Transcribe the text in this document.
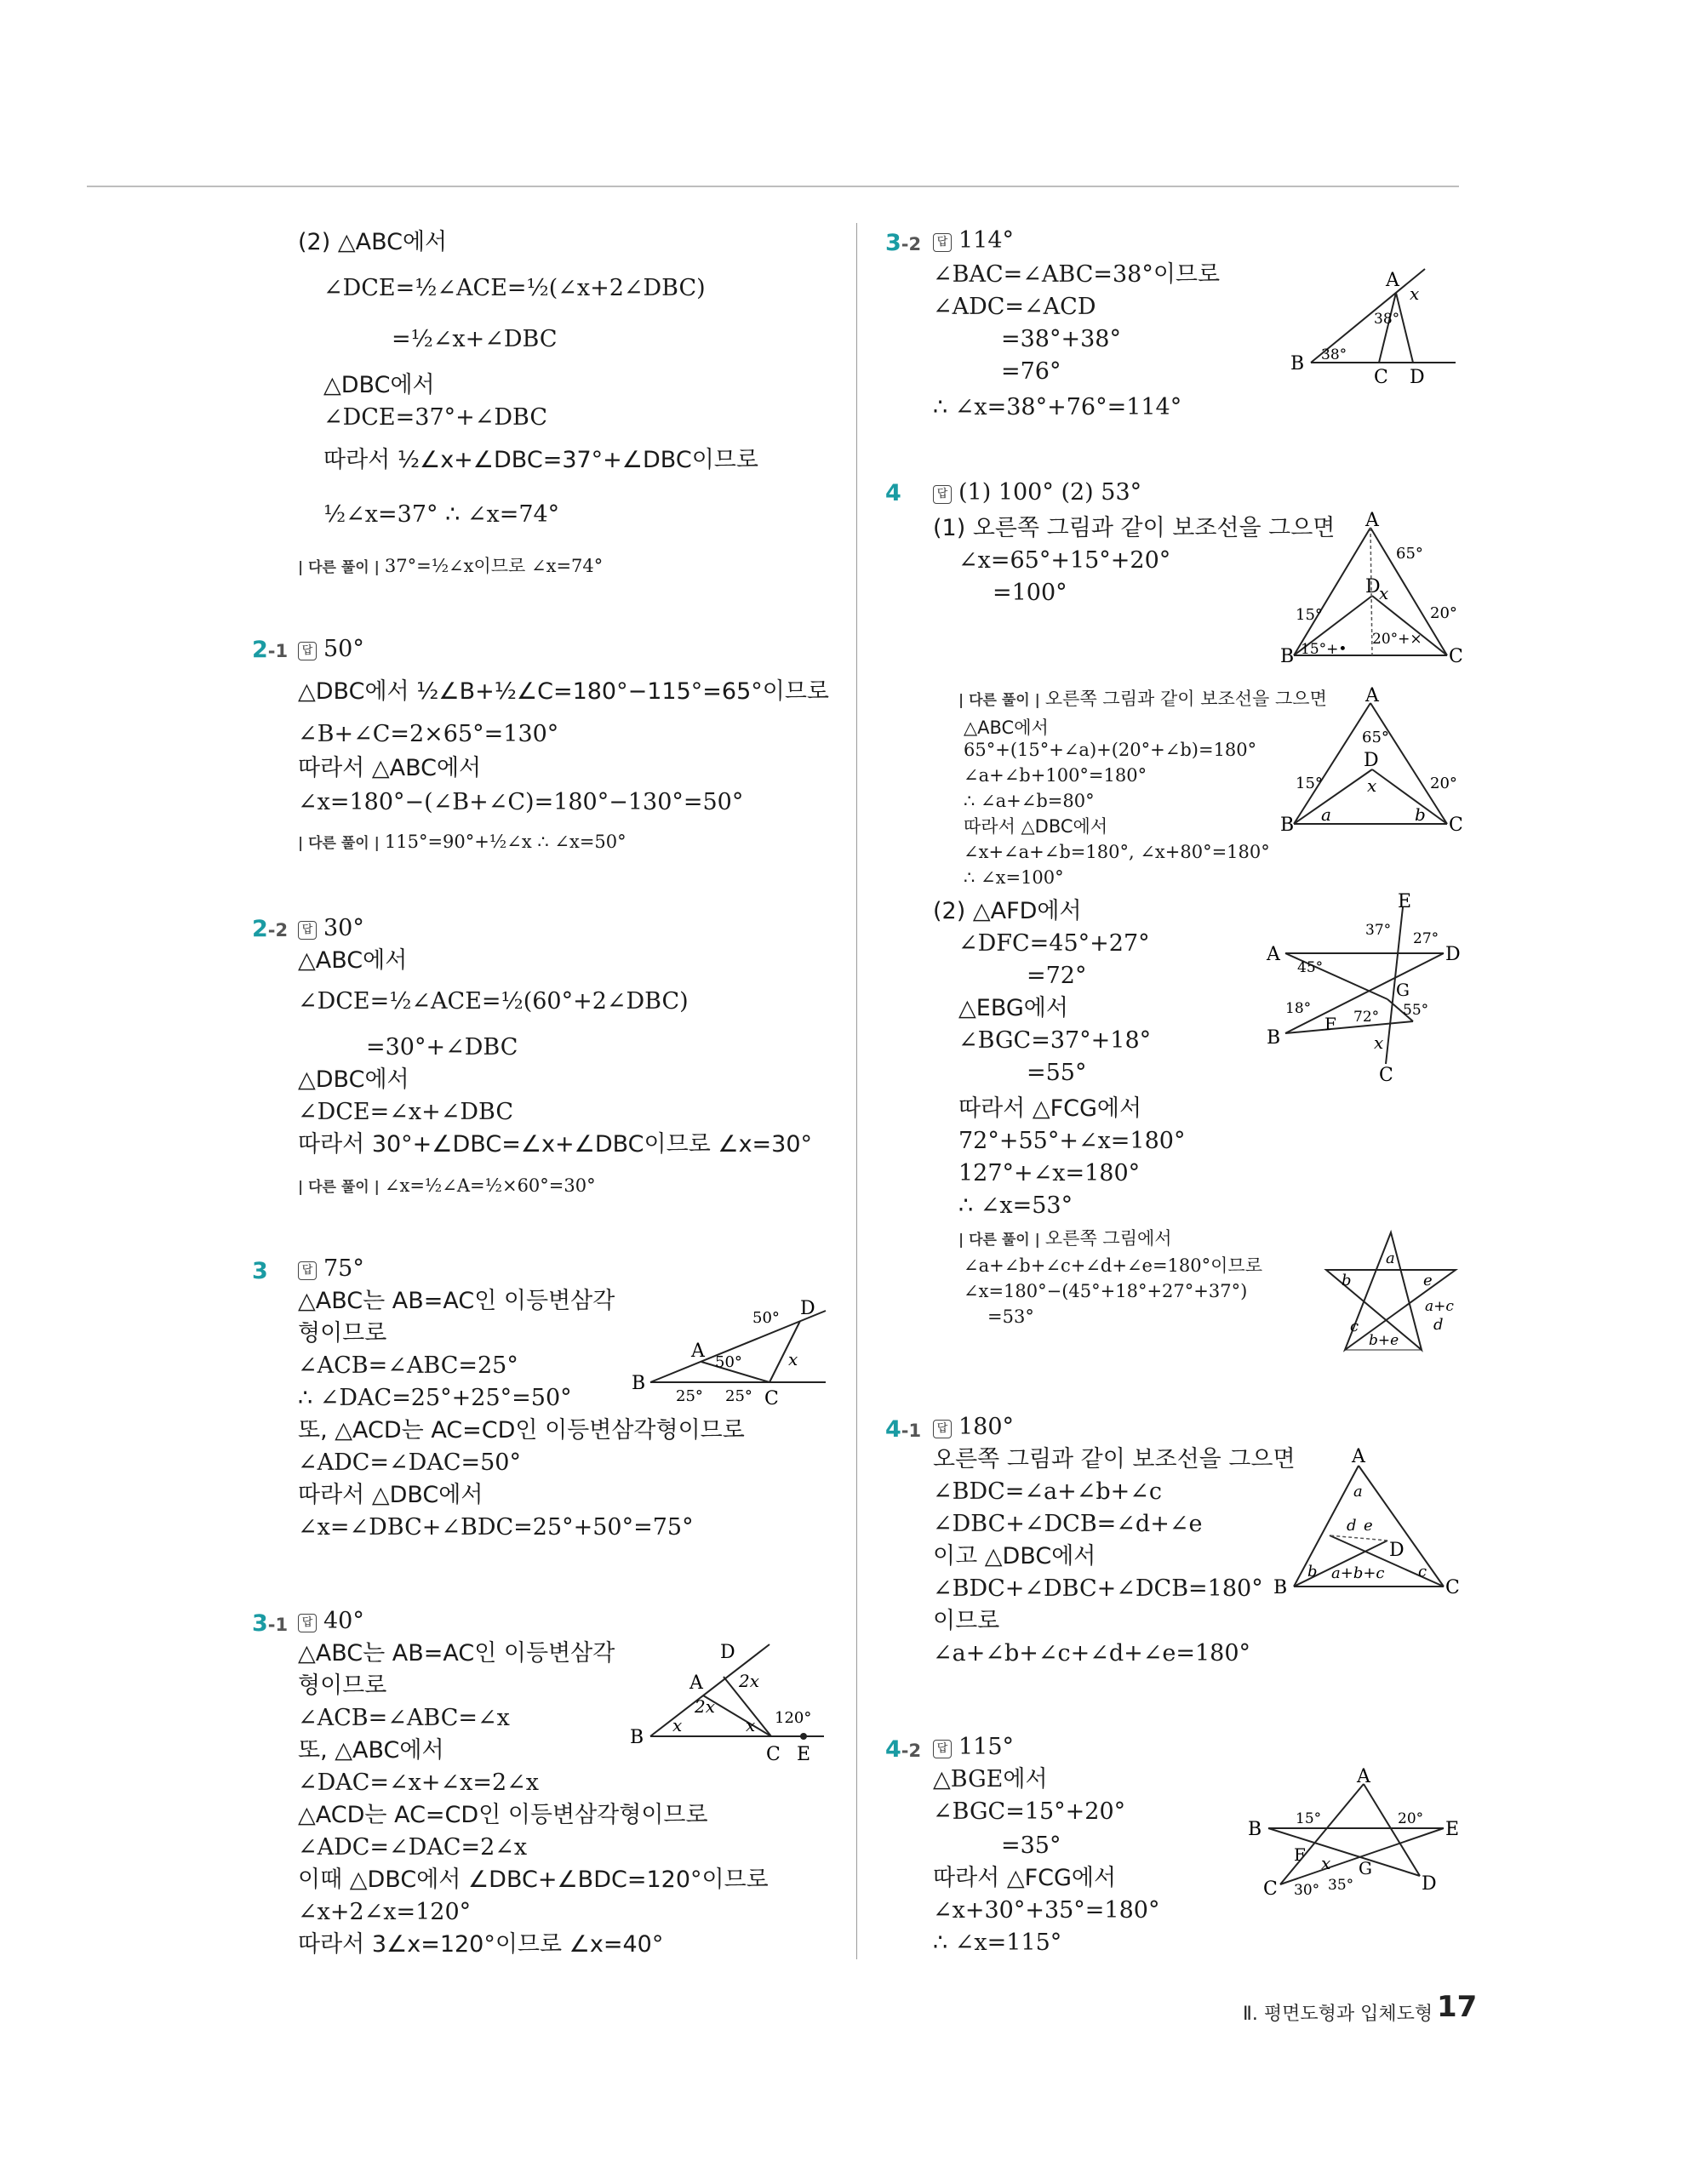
(2) △ABC에서
∠DCE=½∠ACE=½(∠x+2∠DBC)
=½∠x+∠DBC
△DBC에서
∠DCE=37°+∠DBC
따라서 ½∠x+∠DBC=37°+∠DBC이므로
½∠x=37° ∴ ∠x=74°
| 다른 풀이 | 37°=½∠x이므로 ∠x=74°
2-1	답 50°
△DBC에서 ½∠B+½∠C=180°−115°=65°이므로
∠B+∠C=2×65°=130°
따라서 △ABC에서
∠x=180°−(∠B+∠C)=180°−130°=50°
| 다른 풀이 | 115°=90°+½∠x ∴ ∠x=50°
2-2	답 30°
△ABC에서
∠DCE=½∠ACE=½(60°+2∠DBC)
=30°+∠DBC
△DBC에서
∠DCE=∠x+∠DBC
따라서 30°+∠DBC=∠x+∠DBC이므로 ∠x=30°
| 다른 풀이 | ∠x=½∠A=½×60°=30°
3	답 75°
△ABC는 AB=AC인 이등변삼각
형이므로
∠ACB=∠ABC=25°
∴ ∠DAC=25°+25°=50°
또, △ACD는 AC=CD인 이등변삼각형이므로
∠ADC=∠DAC=50°
따라서 △DBC에서
∠x=∠DBC+∠BDC=25°+50°=75°
B
A
C
D
x
50°
50°
25° 25°
3-1	답 40°
△ABC는 AB=AC인 이등변삼각
형이므로
∠ACB=∠ABC=∠x
또, △ABC에서
∠DAC=∠x+∠x=2∠x
△ACD는 AC=CD인 이등변삼각형이므로
∠ADC=∠DAC=2∠x
이때 △DBC에서 ∠DBC+∠BDC=120°이므로
∠x+2∠x=120°
따라서 3∠x=120°이므로 ∠x=40°
B
A
C E
D
x	x
2x
2x
120°
3-2	답 114°
∠BAC=∠ABC=38°이므로
∠ADC=∠ACD
=38°+38°
=76°
∴ ∠x=38°+76°=114°
B
A
C D
x
38°
38°
4	답 (1) 100° (2) 53°
(1) 오른쪽 그림과 같이 보조선을 그으면
∠x=65°+15°+20°
=100°
A
B	C
D
x
65°
15°	20°
15°+•
20°+×
| 다른 풀이 | 오른쪽 그림과 같이 보조선을 그으면
△ABC에서
65°+(15°+∠a)+(20°+∠b)=180°
∠a+∠b+100°=180°
∴ ∠a+∠b=80°
따라서 △DBC에서
∠x+∠a+∠b=180°, ∠x+80°=180°
∴ ∠x=100°
A
B	C
D
x
a	b
65°
15°	20°
(2) △AFD에서
∠DFC=45°+27°
=72°
△EBG에서
∠BGC=37°+18°
=55°
따라서 △FCG에서
72°+55°+∠x=180°
127°+∠x=180°
∴ ∠x=53°
A
B
C
D
E
F
G
x
45°
37° 27°
18°	72° 55°
| 다른 풀이 | 오른쪽 그림에서
∠a+∠b+∠c+∠d+∠e=180°이므로
∠x=180°−(45°+18°+27°+37°)
=53°
a
b
c	d
e
a+c
b+e
4-1	답 180°
오른쪽 그림과 같이 보조선을 그으면
∠BDC=∠a+∠b+∠c
∠DBC+∠DCB=∠d+∠e
이고 △DBC에서
∠BDC+∠DBC+∠DCB=180°
이므로
∠a+∠b+∠c+∠d+∠e=180°
A
B	C
D
a
b	c
d e
a+b+c
4-2	답 115°
△BGE에서
∠BGC=15°+20°
=35°
따라서 △FCG에서
∠x+30°+35°=180°
∴ ∠x=115°
A
B
C	D
E
F
G
x
15°	20°
30° 35°
Ⅱ. 평면도형과 입체도형 17
